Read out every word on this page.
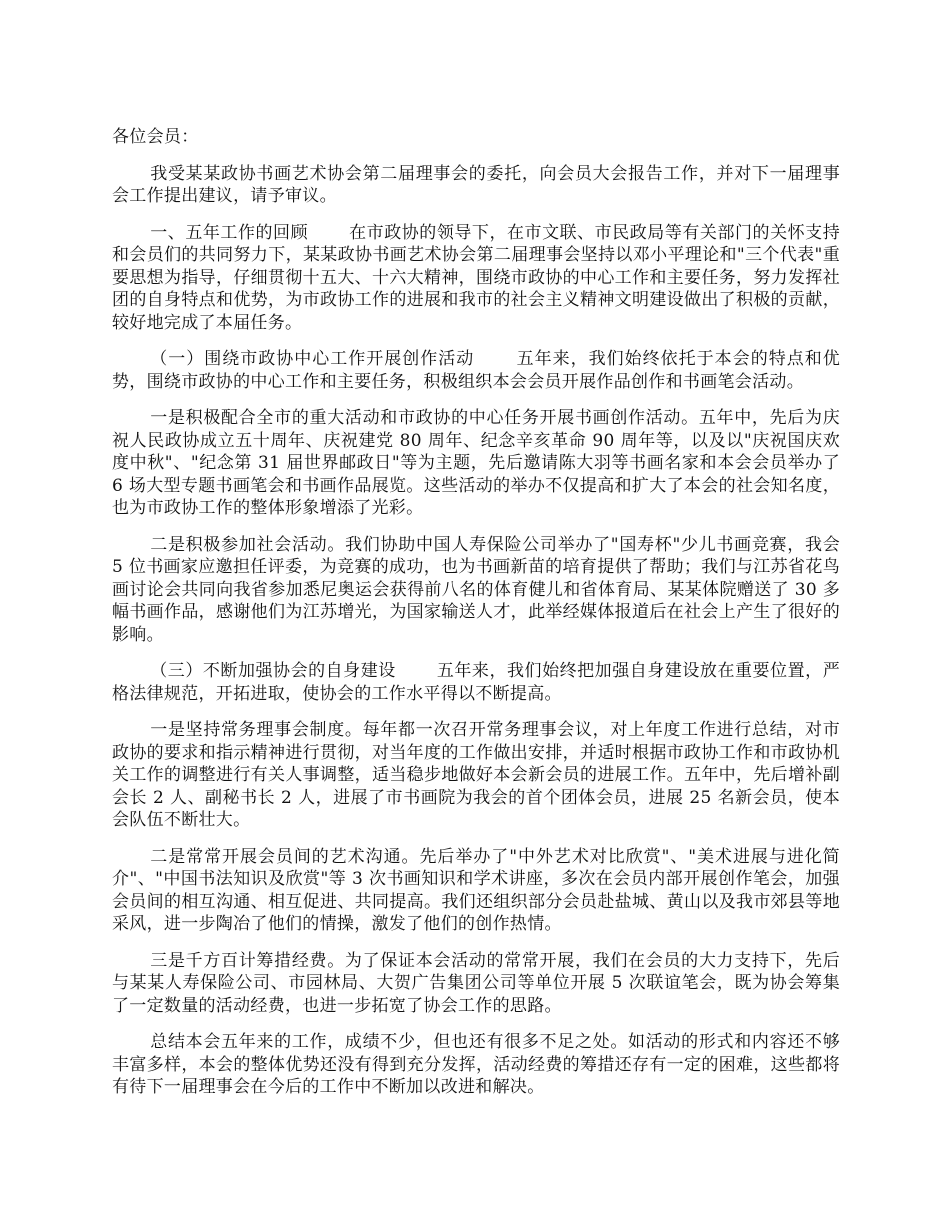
各位会员：

我受某某政协书画艺术协会第二届理事会的委托，向会员大会报告工作，并对下一届理事会工作提出建议，请予审议。

一、五年工作的回顾　　 在市政协的领导下，在市文联、市民政局等有关部门的关怀支持和会员们的共同努力下，某某政协书画艺术协会第二届理事会坚持以邓小平理论和"三个代表"重要思想为指导，仔细贯彻十五大、十六大精神，围绕市政协的中心工作和主要任务，努力发挥社团的自身特点和优势，为市政协工作的进展和我市的社会主义精神文明建设做出了积极的贡献，较好地完成了本届任务。

（一）围绕市政协中心工作开展创作活动　　 五年来，我们始终依托于本会的特点和优势，围绕市政协的中心工作和主要任务，积极组织本会会员开展作品创作和书画笔会活动。

一是积极配合全市的重大活动和市政协的中心任务开展书画创作活动。五年中，先后为庆祝人民政协成立五十周年、庆祝建党 80 周年、纪念辛亥革命 90 周年等，以及以"庆祝国庆欢度中秋"、"纪念第 31 届世界邮政日"等为主题，先后邀请陈大羽等书画名家和本会会员举办了 6 场大型专题书画笔会和书画作品展览。这些活动的举办不仅提高和扩大了本会的社会知名度，也为市政协工作的整体形象增添了光彩。

二是积极参加社会活动。我们协助中国人寿保险公司举办了"国寿杯"少儿书画竞赛，我会 5 位书画家应邀担任评委，为竞赛的成功，也为书画新苗的培育提供了帮助；我们与江苏省花鸟画讨论会共同向我省参加悉尼奥运会获得前八名的体育健儿和省体育局、某某体院赠送了 30 多幅书画作品，感谢他们为江苏增光，为国家输送人才，此举经媒体报道后在社会上产生了很好的影响。

（三）不断加强协会的自身建设　　 五年来，我们始终把加强自身建设放在重要位置，严格法律规范，开拓进取，使协会的工作水平得以不断提高。

一是坚持常务理事会制度。每年都一次召开常务理事会议，对上年度工作进行总结，对市政协的要求和指示精神进行贯彻，对当年度的工作做出安排，并适时根据市政协工作和市政协机关工作的调整进行有关人事调整，适当稳步地做好本会新会员的进展工作。五年中，先后增补副会长 2 人、副秘书长 2 人，进展了市书画院为我会的首个团体会员，进展 25 名新会员，使本会队伍不断壮大。

二是常常开展会员间的艺术沟通。先后举办了"中外艺术对比欣赏"、"美术进展与进化简介"、"中国书法知识及欣赏"等 3 次书画知识和学术讲座，多次在会员内部开展创作笔会，加强会员间的相互沟通、相互促进、共同提高。我们还组织部分会员赴盐城、黄山以及我市郊县等地采风，进一步陶冶了他们的情操，激发了他们的创作热情。

三是千方百计筹措经费。为了保证本会活动的常常开展，我们在会员的大力支持下，先后与某某人寿保险公司、市园林局、大贺广告集团公司等单位开展 5 次联谊笔会，既为协会筹集了一定数量的活动经费，也进一步拓宽了协会工作的思路。

总结本会五年来的工作，成绩不少，但也还有很多不足之处。如活动的形式和内容还不够丰富多样，本会的整体优势还没有得到充分发挥，活动经费的筹措还存有一定的困难，这些都将有待下一届理事会在今后的工作中不断加以改进和解决。
